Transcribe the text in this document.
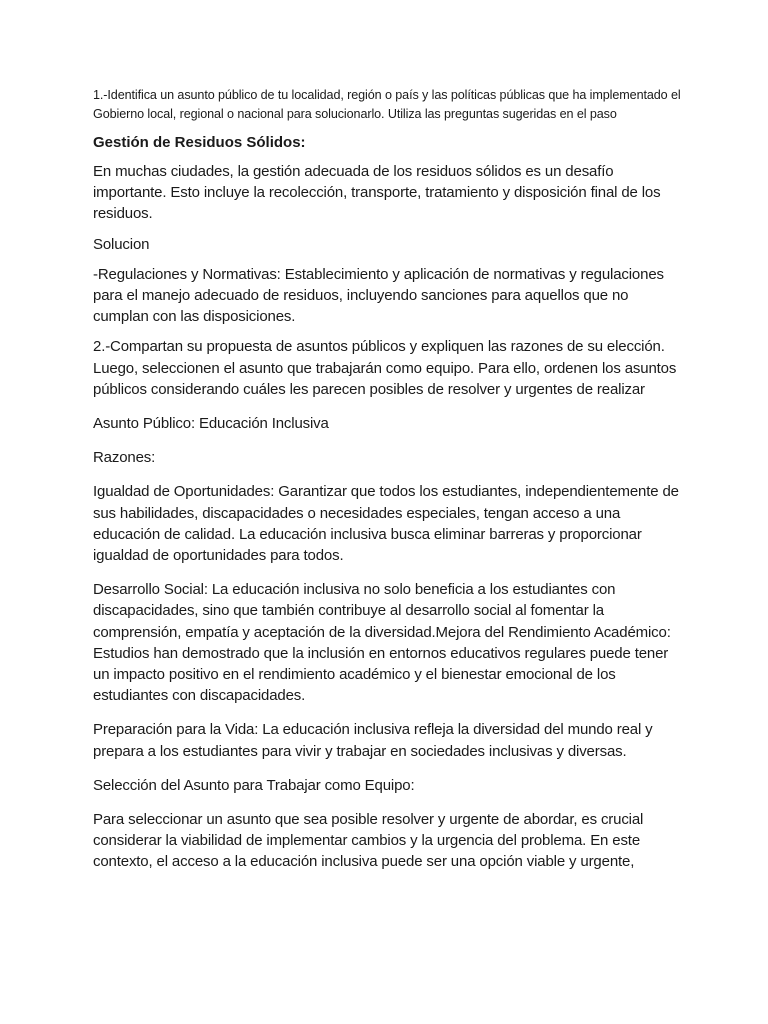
1.-Identifica un asunto público de tu localidad, región o país y las políticas públicas que ha implementado el Gobierno local, regional o nacional para solucionarlo. Utiliza las preguntas sugeridas en el paso

Gestión de Residuos Sólidos:

En muchas ciudades, la gestión adecuada de los residuos sólidos es un desafío importante. Esto incluye la recolección, transporte, tratamiento y disposición final de los residuos.

Solucion

-Regulaciones y Normativas: Establecimiento y aplicación de normativas y regulaciones para el manejo adecuado de residuos, incluyendo sanciones para aquellos que no cumplan con las disposiciones.

2.-Compartan su propuesta de asuntos públicos y expliquen las razones de su elección. Luego, seleccionen el asunto que trabajarán como equipo. Para ello, ordenen los asuntos públicos considerando cuáles les parecen posibles de resolver y urgentes de realizar

Asunto Público: Educación Inclusiva

Razones:

Igualdad de Oportunidades: Garantizar que todos los estudiantes, independientemente de sus habilidades, discapacidades o necesidades especiales, tengan acceso a una educación de calidad. La educación inclusiva busca eliminar barreras y proporcionar igualdad de oportunidades para todos.

Desarrollo Social: La educación inclusiva no solo beneficia a los estudiantes con discapacidades, sino que también contribuye al desarrollo social al fomentar la comprensión, empatía y aceptación de la diversidad.Mejora del Rendimiento Académico: Estudios han demostrado que la inclusión en entornos educativos regulares puede tener un impacto positivo en el rendimiento académico y el bienestar emocional de los estudiantes con discapacidades.

Preparación para la Vida: La educación inclusiva refleja la diversidad del mundo real y prepara a los estudiantes para vivir y trabajar en sociedades inclusivas y diversas.

Selección del Asunto para Trabajar como Equipo:

Para seleccionar un asunto que sea posible resolver y urgente de abordar, es crucial considerar la viabilidad de implementar cambios y la urgencia del problema. En este contexto, el acceso a la educación inclusiva puede ser una opción viable y urgente,
